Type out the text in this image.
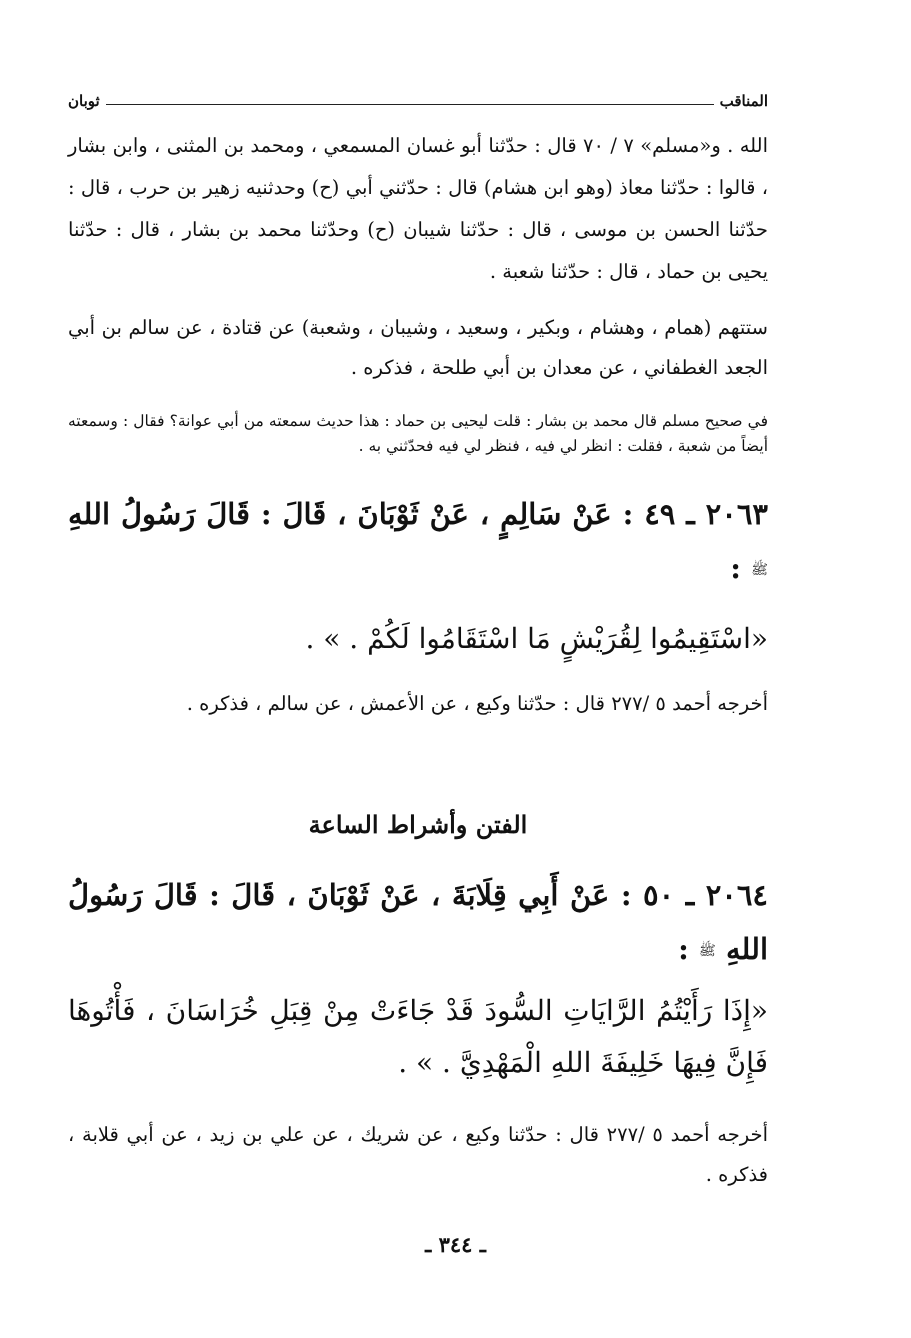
المناقب
ثوبان

الله . و«مسلم» ٧ / ٧٠ قال : حدّثنا أبو غسان المسمعي ، ومحمد بن المثنى ، وابن بشار ، قالوا : حدّثنا معاذ (وهو ابن هشام) قال : حدّثني أبي (ح) وحدثنيه زهير بن حرب ، قال : حدّثنا الحسن بن موسى ، قال : حدّثنا شيبان (ح) وحدّثنا محمد بن بشار ، قال : حدّثنا يحيى بن حماد ، قال : حدّثنا شعبة .

ستتهم (همام ، وهشام ، وبكير ، وسعيد ، وشيبان ، وشعبة) عن قتادة ، عن سالم بن أبي الجعد الغطفاني ، عن معدان بن أبي طلحة ، فذكره .

في صحيح مسلم قال محمد بن بشار : قلت ليحيى بن حماد : هذا حديث سمعته من أبي عوانة؟ فقال : وسمعته أيضاً من شعبة ، فقلت : انظر لي فيه ، فنظر لي فيه فحدّثني به .

٢٠٦٣ ـ ٤٩ : عَنْ سَالِمٍ ، عَنْ ثَوْبَانَ ، قَالَ : قَالَ رَسُولُ اللهِ ﷺ :

«اسْتَقِيمُوا لِقُرَيْشٍ مَا اسْتَقَامُوا لَكُمْ . » .

أخرجه أحمد ٥ /٢٧٧ قال : حدّثنا وكيع ، عن الأعمش ، عن سالم ، فذكره .

الفتن وأشراط الساعة

٢٠٦٤ ـ ٥٠ : عَنْ أَبِي قِلَابَةَ ، عَنْ ثَوْبَانَ ، قَالَ : قَالَ رَسُولُ اللهِ ﷺ :

«إِذَا رَأَيْتُمُ الرَّايَاتِ السُّودَ قَدْ جَاءَتْ مِنْ قِبَلِ خُرَاسَانَ ، فَأْتُوهَا فَإِنَّ فِيهَا خَلِيفَةَ اللهِ الْمَهْدِيَّ . » .

أخرجه أحمد ٥ /٢٧٧ قال : حدّثنا وكيع ، عن شريك ، عن علي بن زيد ، عن أبي قلابة ، فذكره .

ـ ٣٤٤ ـ
